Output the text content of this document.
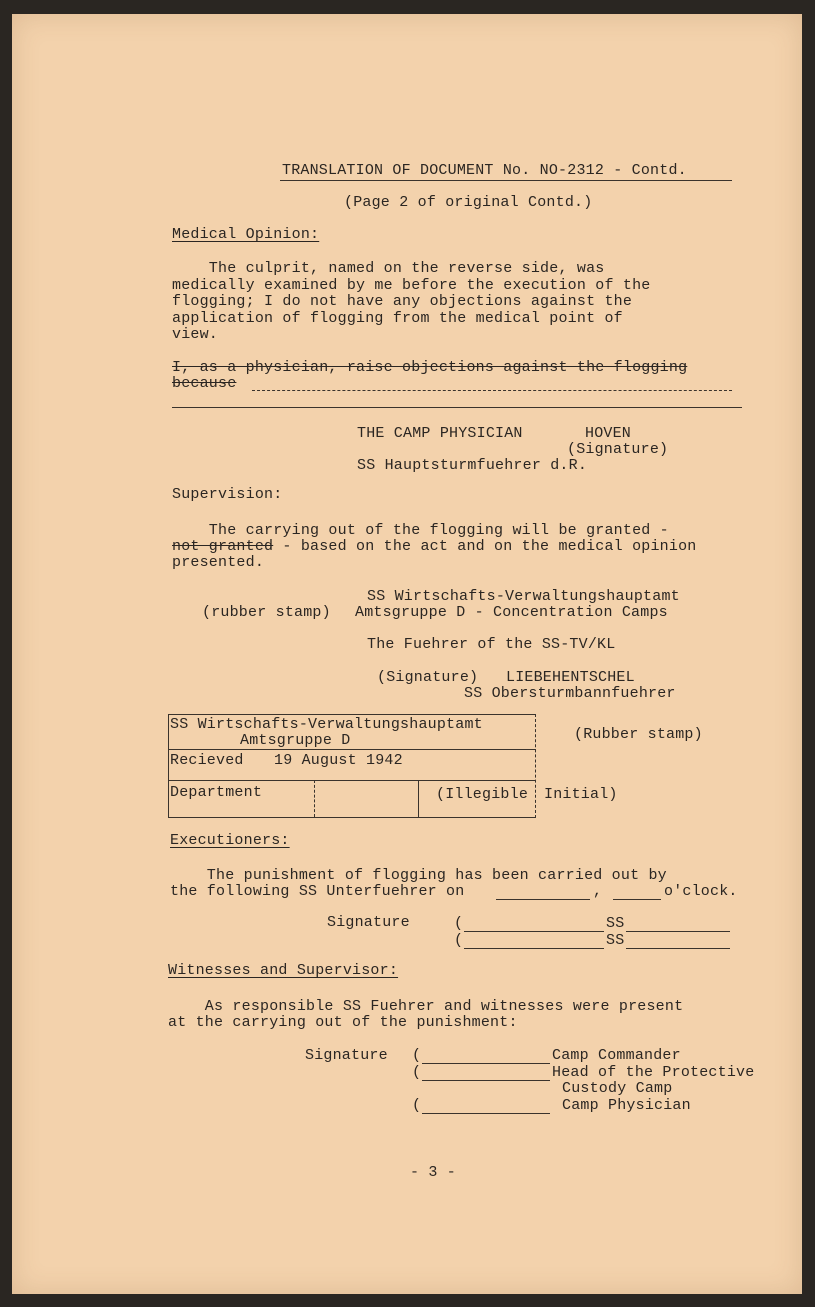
TRANSLATION OF DOCUMENT No. NO-2312 - Contd.
(Page 2 of original Contd.)
Medical Opinion:
The culprit, named on the reverse side, was
medically examined by me before the execution of the
flogging; I do not have any objections against the
application of flogging from the medical point of
view.
I, as a physician, raise objections against the flogging
because
THE CAMP PHYSICIAN	HOVEN
(Signature)
SS Hauptsturmfuehrer d.R.
Supervision:
The carrying out of the flogging will be granted -
not granted - based on the act and on the medical opinion
presented.
SS Wirtschafts-Verwaltungshauptamt
(rubber stamp) Amtsgruppe D - Concentration Camps
The Fuehrer of the SS-TV/KL
(Signature) LIEBEHENTSCHEL
SS Obersturmbannfuehrer
SS Wirtschafts-Verwaltungshauptamt
Amtsgruppe D
Recieved 19 August 1942
Department	(Illegible Initial)
(Rubber stamp)
Executioners:
The punishment of flogging has been carried out by
the following SS Unterfuehrer on	,	o'clock.
Signature	(	SS
(	SS
Witnesses and Supervisor:
As responsible SS Fuehrer and witnesses were present
at the carrying out of the punishment:
Signature (	Camp Commander
(	Head of the Protective
Custody Camp
(	Camp Physician
- 3 -
